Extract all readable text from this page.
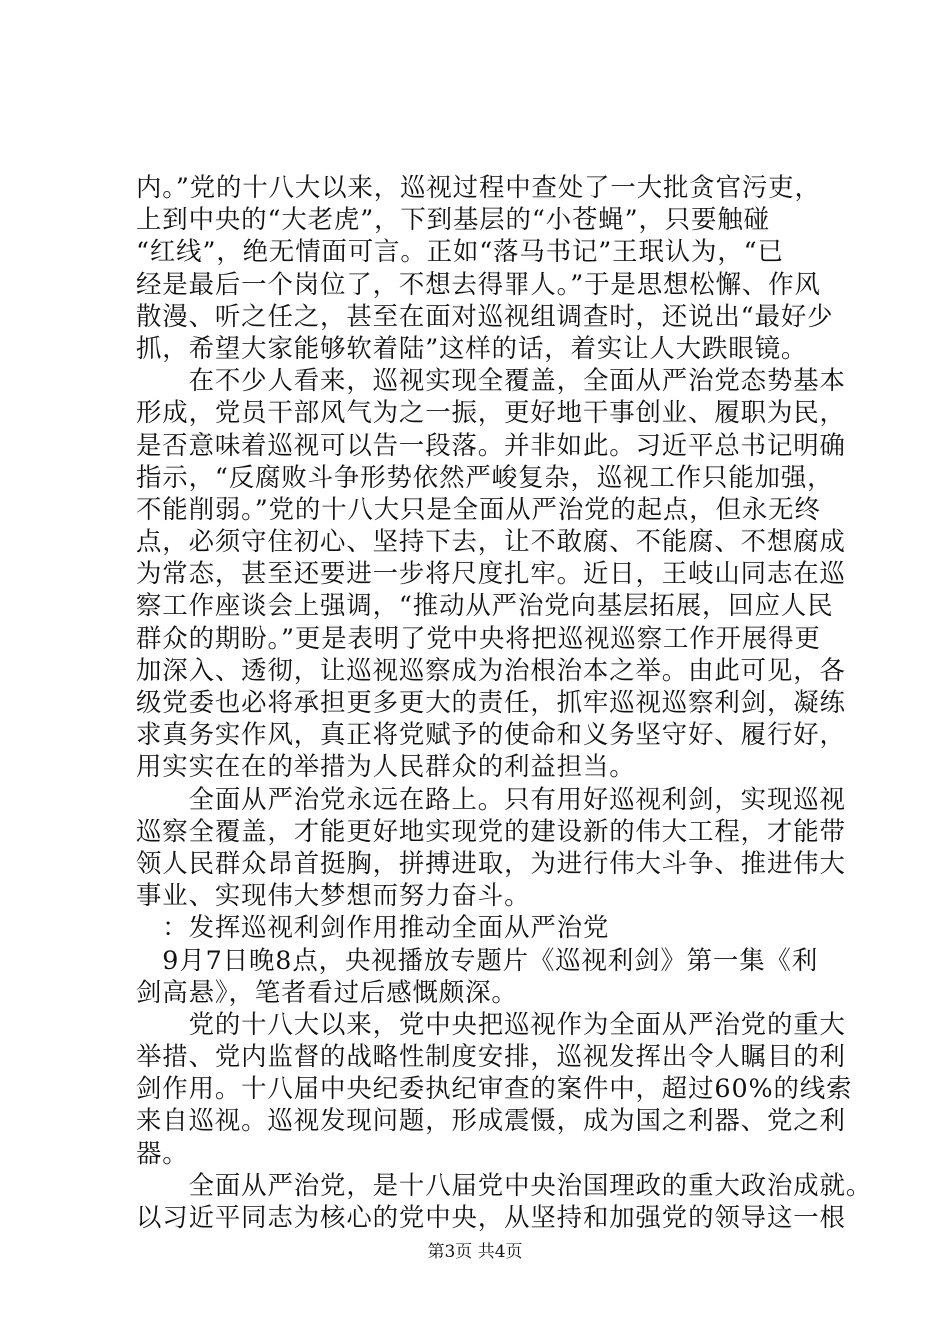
内。”党的十八大以来，巡视过程中查处了一大批贪官污吏，
上到中央的“大老虎”，下到基层的“小苍蝇”，只要触碰
“红线”，绝无情面可言。正如“落马书记”王珉认为，“已
经是最后一个岗位了，不想去得罪人。”于是思想松懈、作风
散漫、听之任之，甚至在面对巡视组调查时，还说出“最好少
抓，希望大家能够软着陆”这样的话，着实让人大跌眼镜。
　　在不少人看来，巡视实现全覆盖，全面从严治党态势基本
形成，党员干部风气为之一振，更好地干事创业、履职为民，
是否意味着巡视可以告一段落。并非如此。习近平总书记明确
指示，“反腐败斗争形势依然严峻复杂，巡视工作只能加强，
不能削弱。”党的十八大只是全面从严治党的起点，但永无终
点，必须守住初心、坚持下去，让不敢腐、不能腐、不想腐成
为常态，甚至还要进一步将尺度扎牢。近日，王岐山同志在巡
察工作座谈会上强调，“推动从严治党向基层拓展，回应人民
群众的期盼。”更是表明了党中央将把巡视巡察工作开展得更
加深入、透彻，让巡视巡察成为治根治本之举。由此可见，各
级党委也必将承担更多更大的责任，抓牢巡视巡察利剑，凝练
求真务实作风，真正将党赋予的使命和义务坚守好、履行好，
用实实在在的举措为人民群众的利益担当。
　　全面从严治党永远在路上。只有用好巡视利剑，实现巡视
巡察全覆盖，才能更好地实现党的建设新的伟大工程，才能带
领人民群众昂首挺胸，拼搏进取，为进行伟大斗争、推进伟大
事业、实现伟大梦想而努力奋斗。
　：发挥巡视利剑作用推动全面从严治党
　9月7日晚8点，央视播放专题片《巡视利剑》第一集《利
剑高悬》，笔者看过后感慨颇深。
　　党的十八大以来，党中央把巡视作为全面从严治党的重大
举措、党内监督的战略性制度安排，巡视发挥出令人瞩目的利
剑作用。十八届中央纪委执纪审查的案件中，超过60%的线索
来自巡视。巡视发现问题，形成震慑，成为国之利器、党之利
器。
　　全面从严治党，是十八届党中央治国理政的重大政治成就。
以习近平同志为核心的党中央，从坚持和加强党的领导这一根
第3页 共4页
